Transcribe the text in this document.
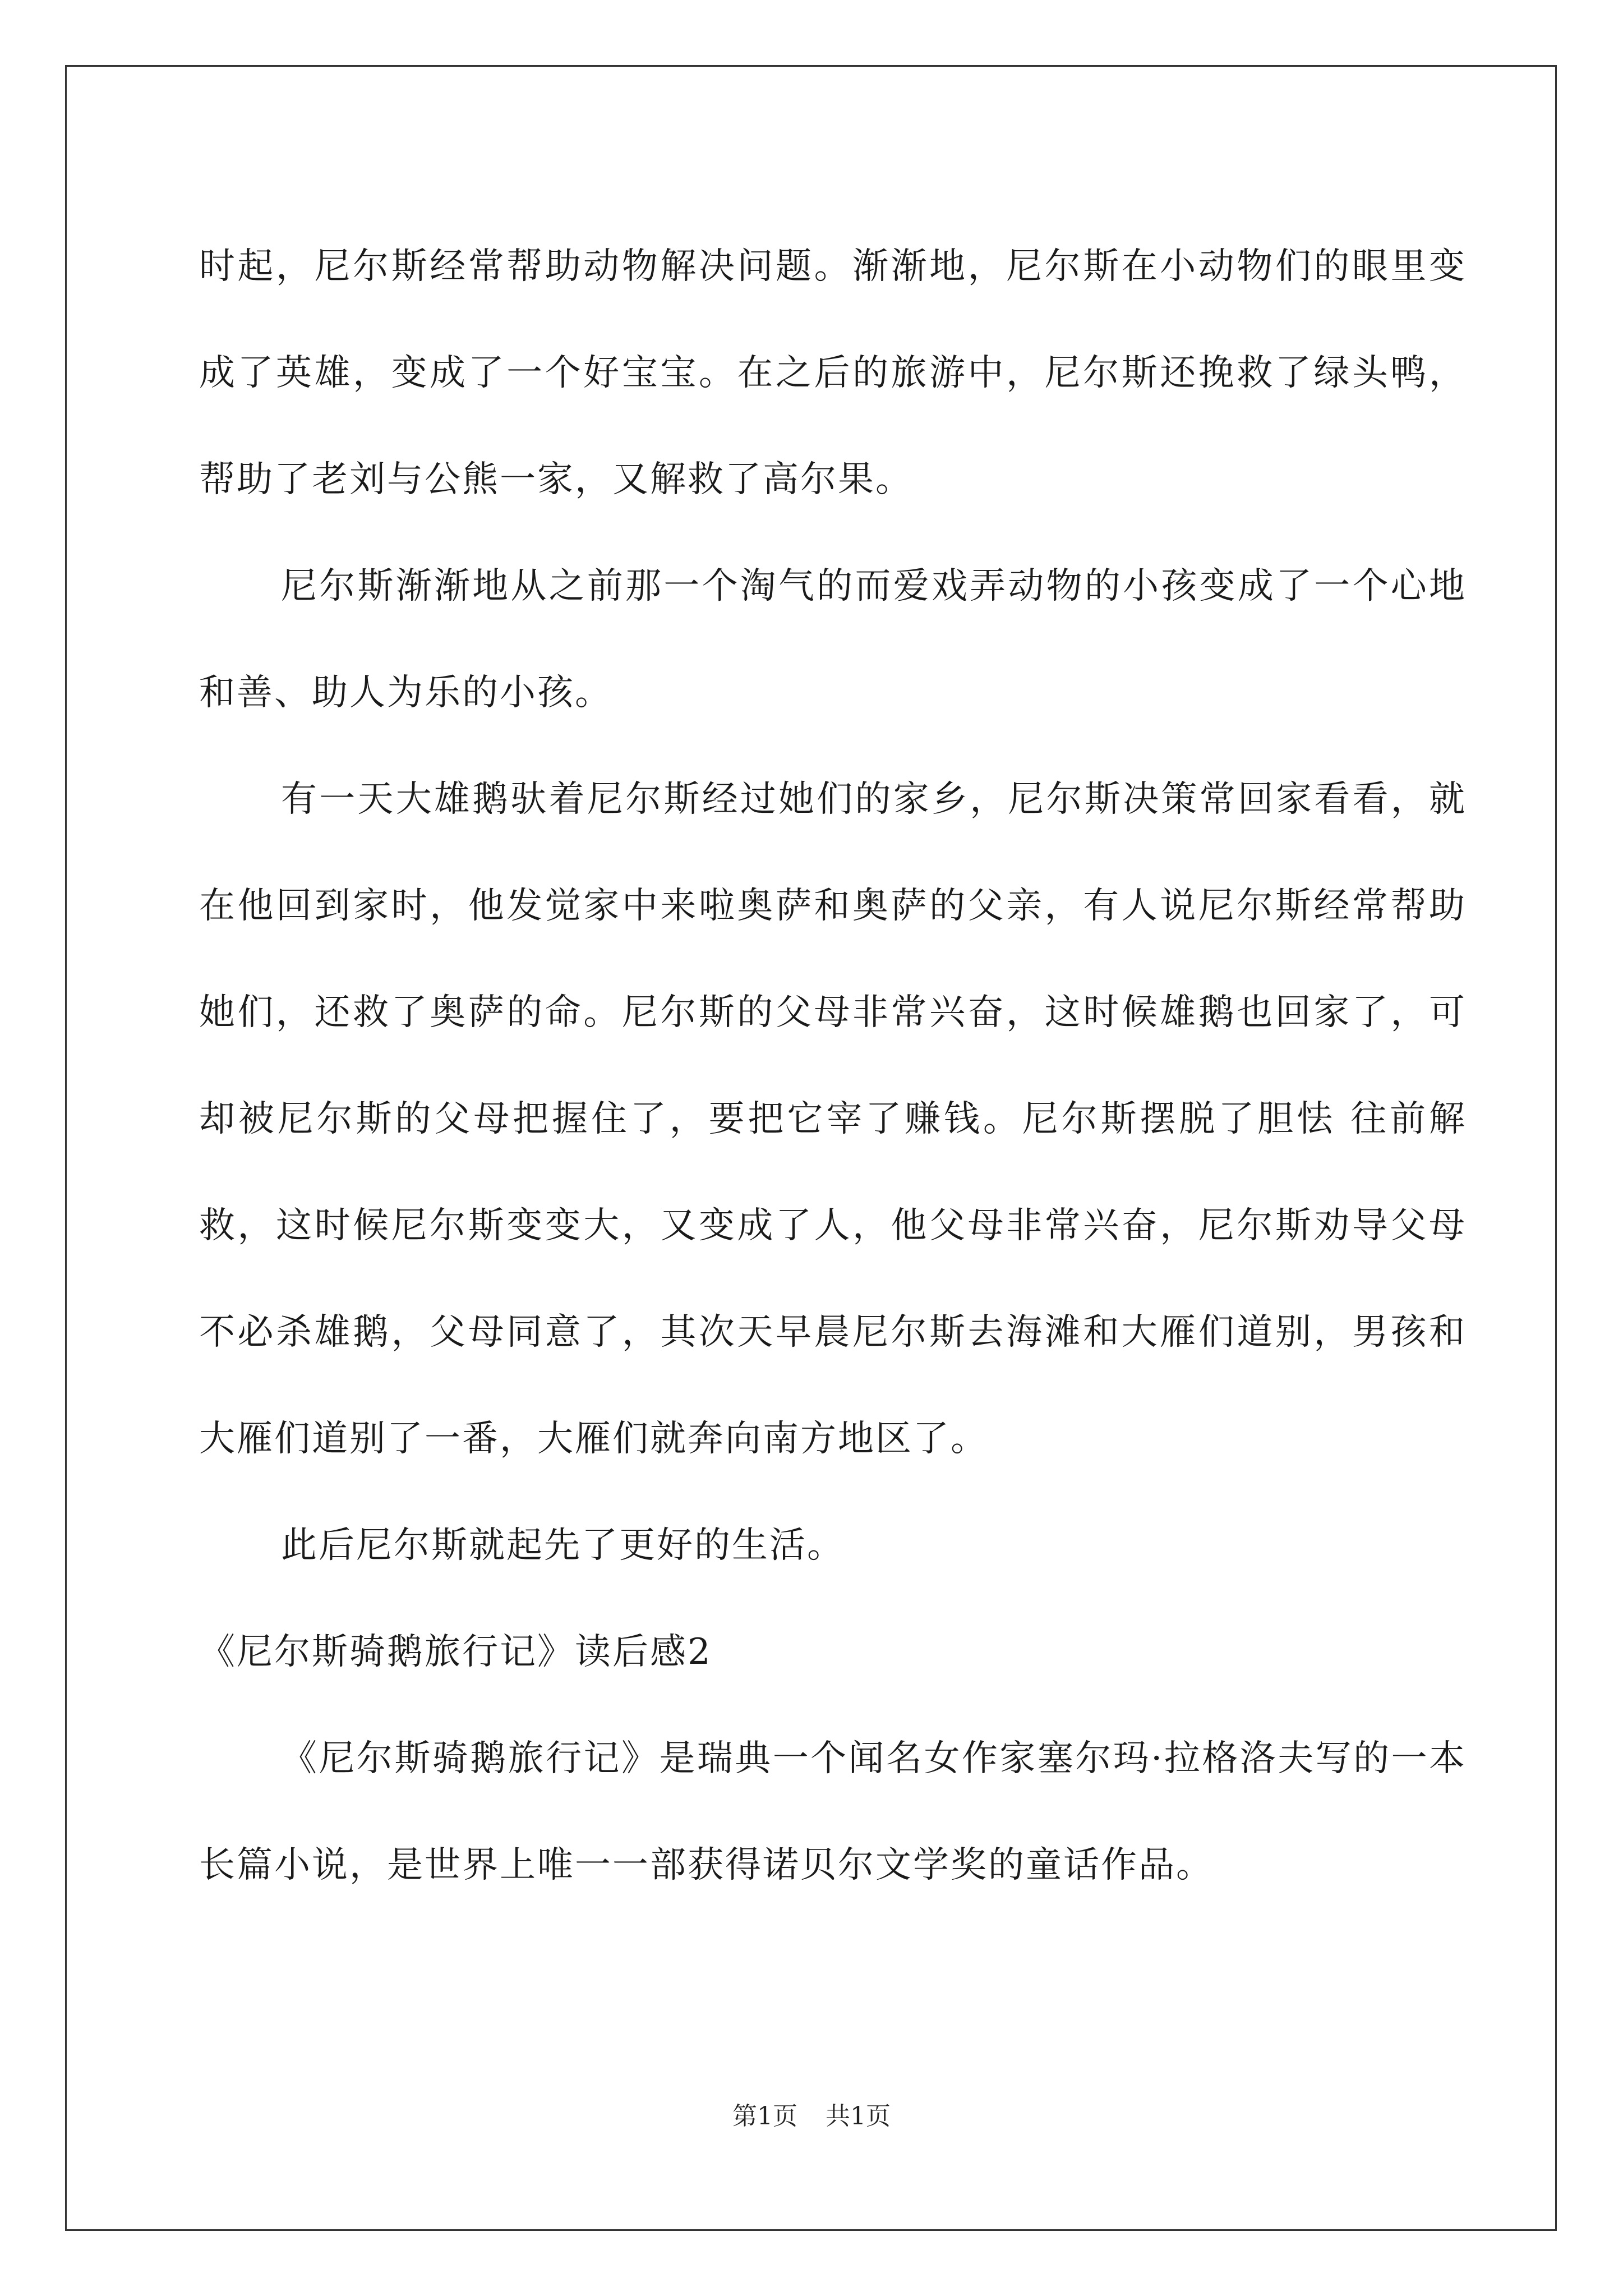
时起，尼尔斯经常帮助动物解决问题。渐渐地，尼尔斯在小动物们的眼里变成了英雄，变成了一个好宝宝。在之后的旅游中，尼尔斯还挽救了绿头鸭，帮助了老刘与公熊一家，又解救了高尔果。

尼尔斯渐渐地从之前那一个淘气的而爱戏弄动物的小孩变成了一个心地和善、助人为乐的小孩。

有一天大雄鹅驮着尼尔斯经过她们的家乡，尼尔斯决策常回家看看，就在他回到家时，他发觉家中来啦奥萨和奥萨的父亲，有人说尼尔斯经常帮助她们，还救了奥萨的命。尼尔斯的父母非常兴奋，这时候雄鹅也回家了，可却被尼尔斯的父母把握住了，要把它宰了赚钱。尼尔斯摆脱了胆怯 往前解救，这时候尼尔斯变变大，又变成了人，他父母非常兴奋，尼尔斯劝导父母不必杀雄鹅，父母同意了，其次天早晨尼尔斯去海滩和大雁们道别，男孩和大雁们道别了一番，大雁们就奔向南方地区了。

此后尼尔斯就起先了更好的生活。

《尼尔斯骑鹅旅行记》读后感2

《尼尔斯骑鹅旅行记》是瑞典一个闻名女作家塞尔玛·拉格洛夫写的一本长篇小说，是世界上唯一一部获得诺贝尔文学奖的童话作品。

第1页 共1页
